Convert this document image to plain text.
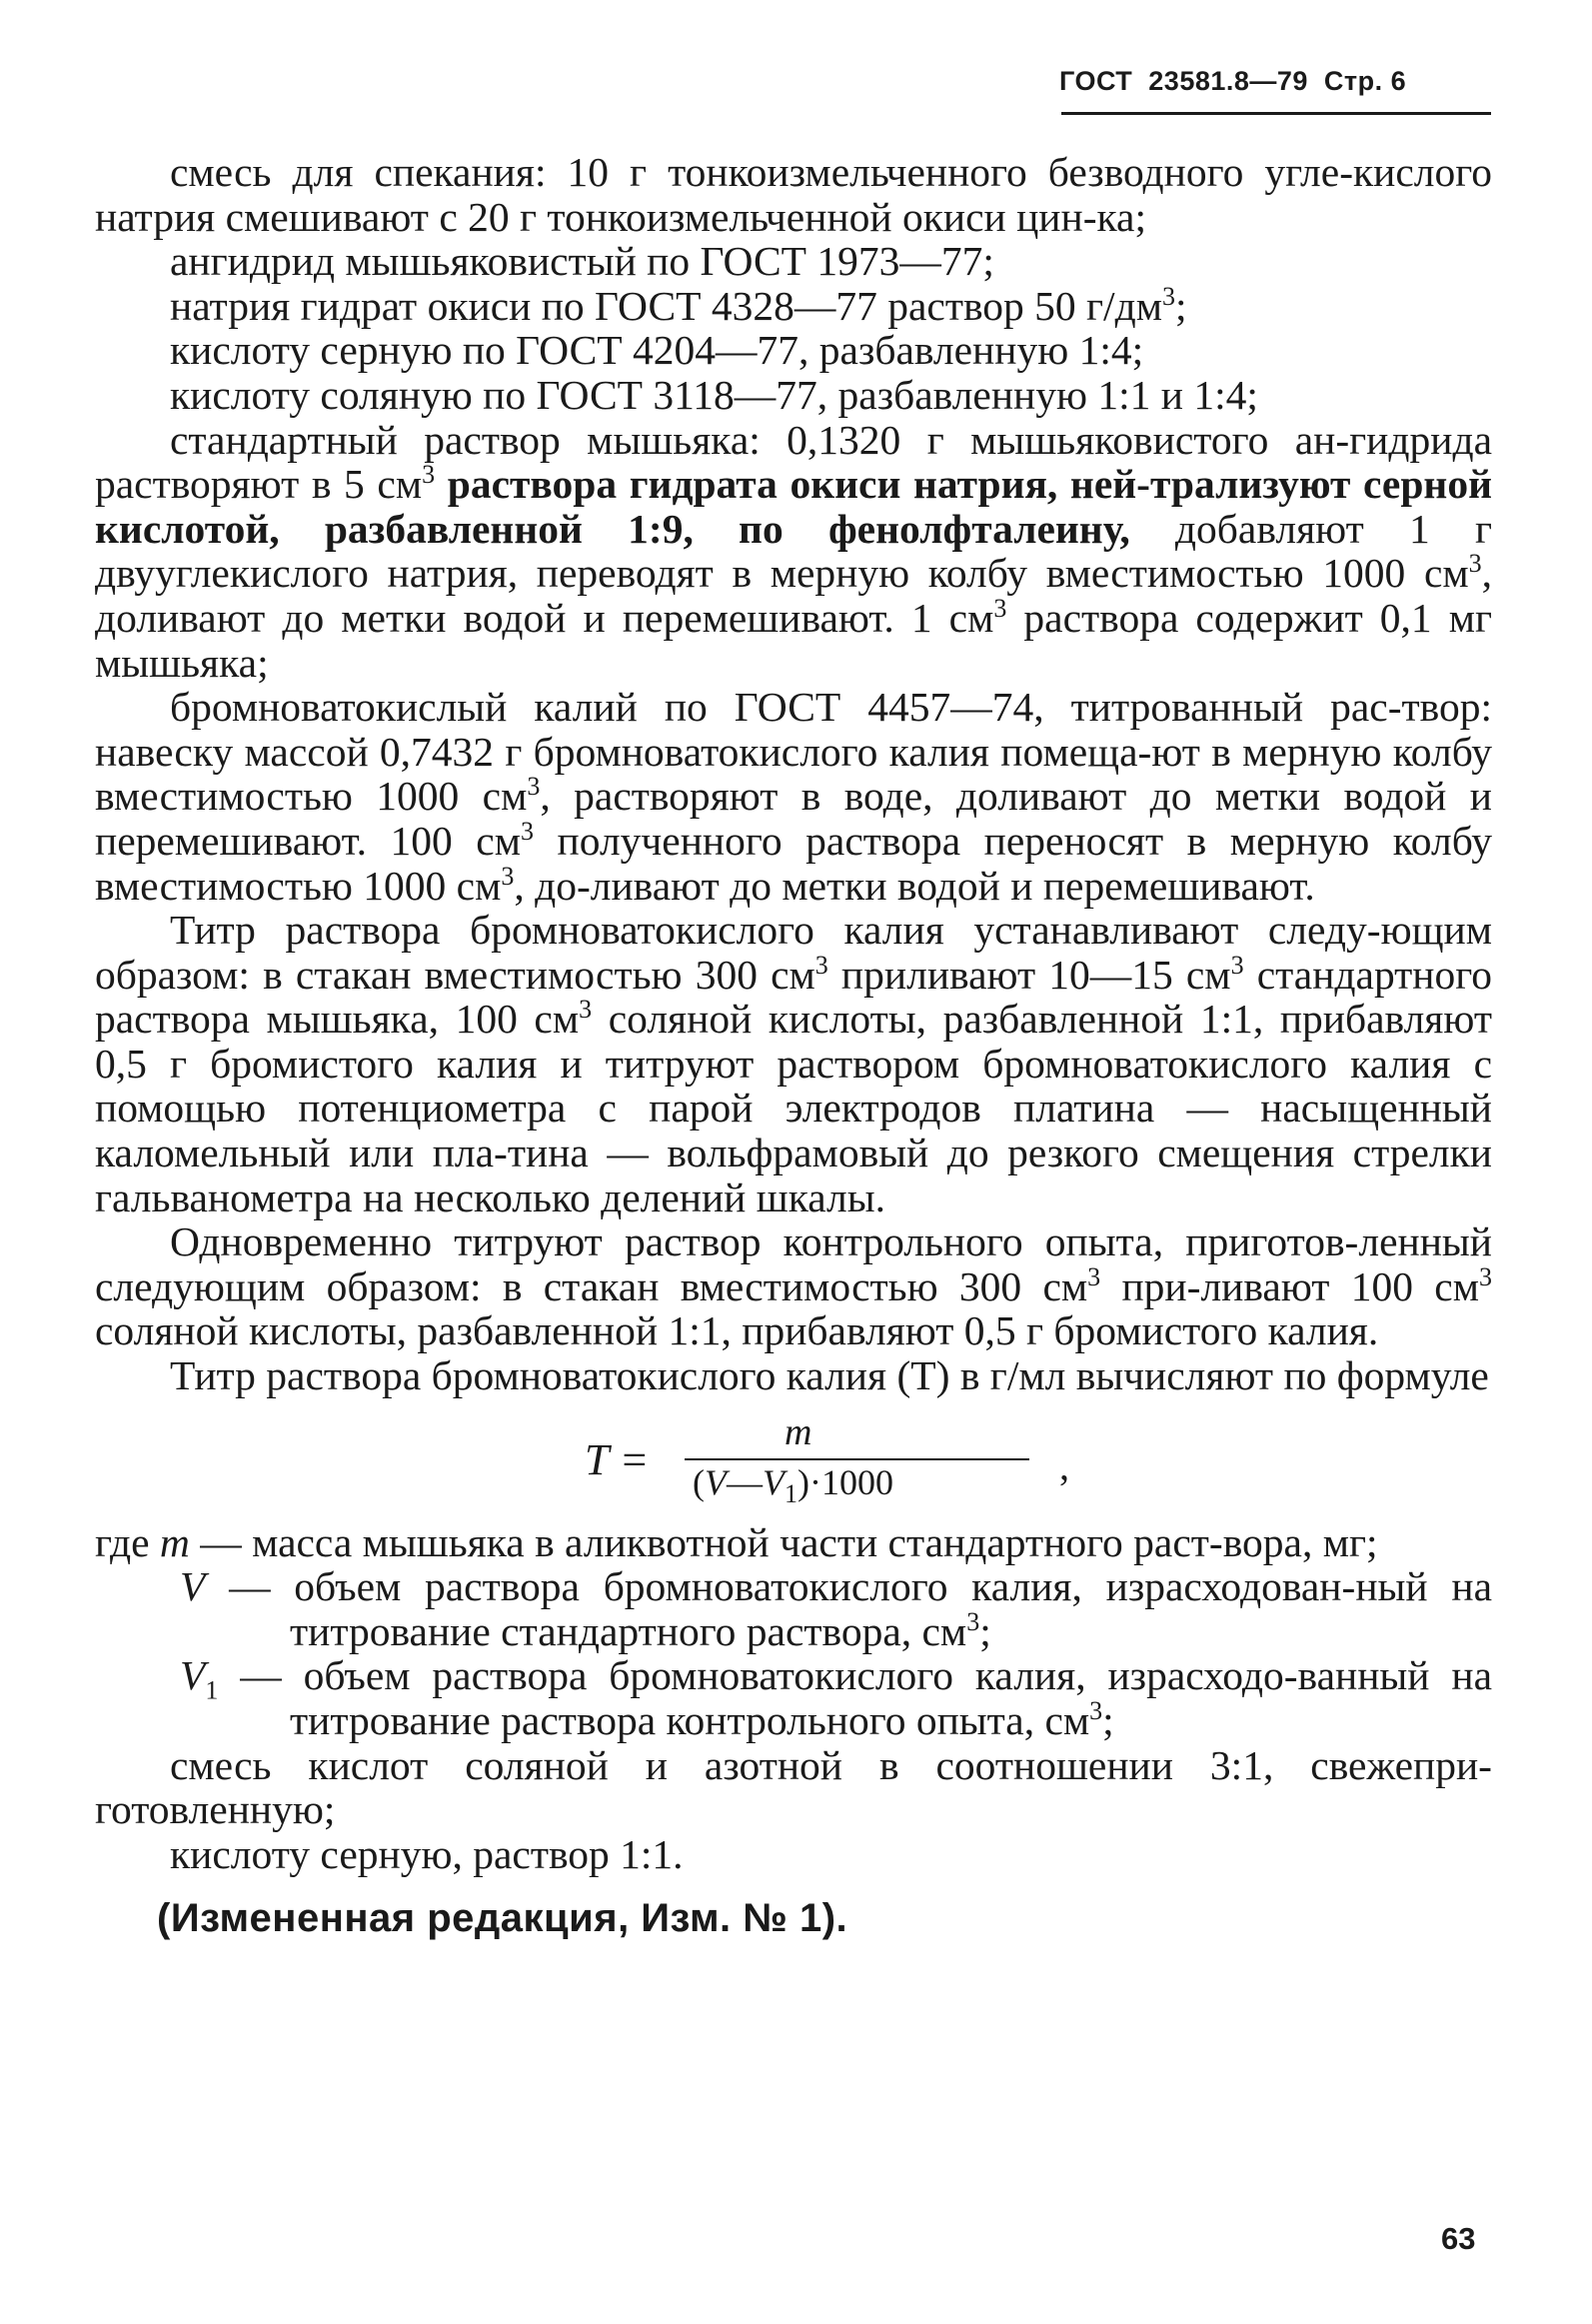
ГОСТ 23581.8—79 Стр. 6

смесь для спекания: 10 г тонкоизмельченного безводного угле-кислого натрия смешивают с 20 г тонкоизмельченной окиси цин-ка;

ангидрид мышьяковистый по ГОСТ 1973—77;

натрия гидрат окиси по ГОСТ 4328—77 раствор 50 $г/дм^3$;

кислоту серную по ГОСТ 4204—77, разбавленную 1:4;

кислоту соляную по ГОСТ 3118—77, разбавленную 1:1 и 1:4;

стандартный раствор мышьяка: 0,1320 г мышьяковистого ан-гидрида растворяют в 5 $см^3$ раствора гидрата окиси натрия, ней-трализуют серной кислотой, разбавленной 1:9, по фенолфталеину, добавляют 1 г двууглекислого натрия, переводят в мерную колбу вместимостью 1000 $см^3$, доливают до метки водой и перемешивают. 1 $см^3$ раствора содержит 0,1 мг мышьяка;

бромноватокислый калий по ГОСТ 4457—74, титрованный рас-твор: навеску массой 0,7432 г бромноватокислого калия помеща-ют в мерную колбу вместимостью 1000 $см^3$, растворяют в воде, доливают до метки водой и перемешивают. 100 $см^3$ полученного раствора переносят в мерную колбу вместимостью 1000 $см^3$, до-ливают до метки водой и перемешивают.

Титр раствора бромноватокислого калия устанавливают следу-ющим образом: в стакан вместимостью 300 $см^3$ приливают 10—15 $см^3$ стандартного раствора мышьяка, 100 $см^3$ соляной кислоты, разбавленной 1:1, прибавляют 0,5 г бромистого калия и титруют раствором бромноватокислого калия с помощью потенциометра с парой электродов платина — насыщенный каломельный или пла-тина — вольфрамовый до резкого смещения стрелки гальванометра на несколько делений шкалы.

Одновременно титруют раствор контрольного опыта, приготов-ленный следующим образом: в стакан вместимостью 300 $см^3$ при-ливают 100 $см^3$ соляной кислоты, разбавленной 1:1, прибавляют 0,5 г бромистого калия.

Титр раствора бромноватокислого калия (T) в г/мл вычисляют по формуле

T =
m
$(V—V_1)\cdot 1000$	,

где m — масса мышьяка в аликвотной части стандартного раст-вора, мг;

V — объем раствора бромноватокислого калия, израсходован-ный на титрование стандартного раствора, $см^3$;

$V_1$ — объем раствора бромноватокислого калия, израсходо-ванный на титрование раствора контрольного опыта, $см^3$;

смесь кислот соляной и азотной в соотношении 3:1, свежепри-готовленную;

кислоту серную, раствор 1:1.

(Измененная редакция, Изм. № 1).

63
